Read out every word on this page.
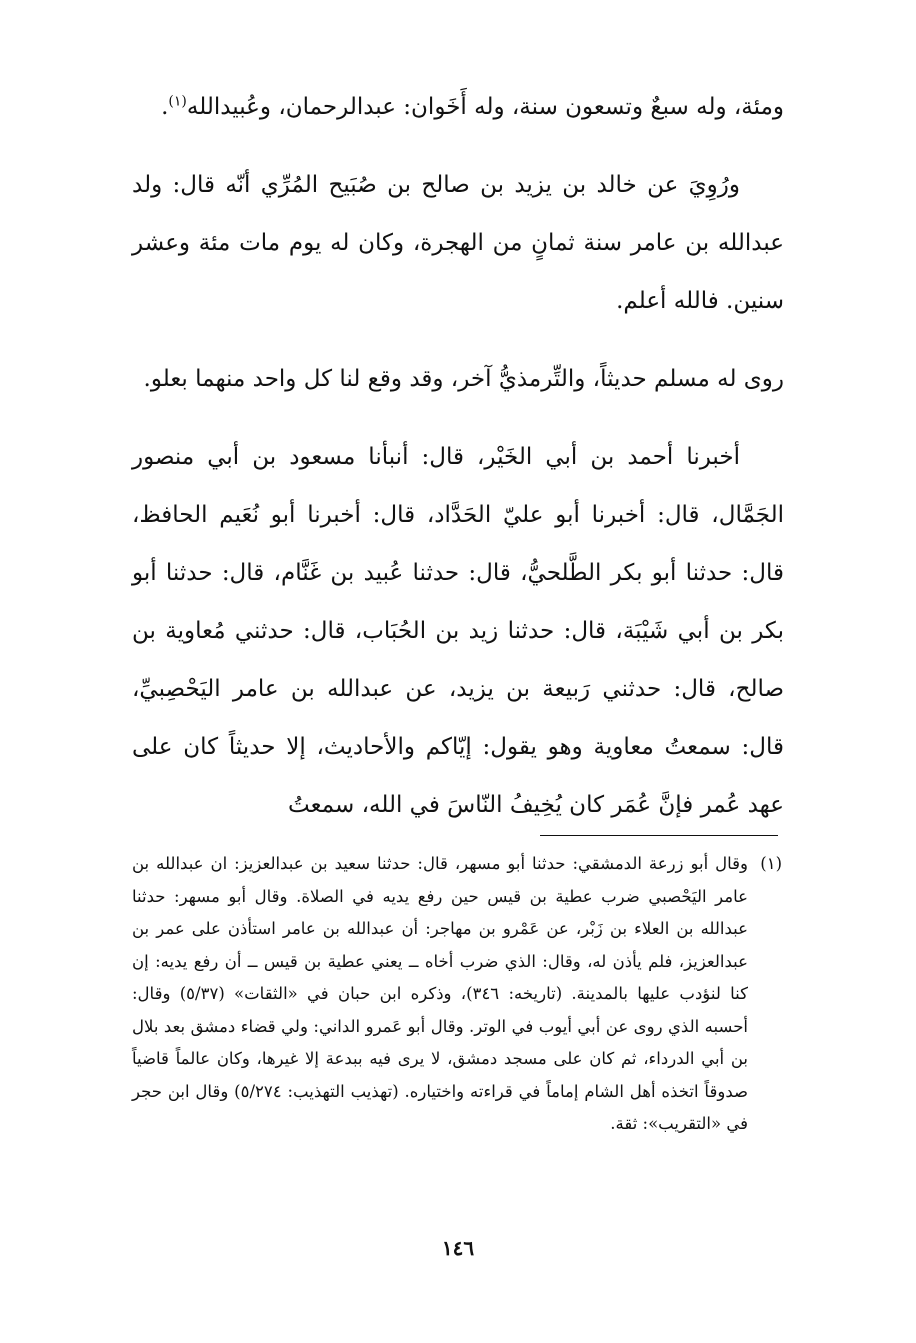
ومئة، وله سبعٌ وتسعون سنة، وله أَخَوان: عبدالرحمان، وعُبيدالله$^{(١)}$.

ورُوِيَ عن خالد بن يزيد بن صالح بن صُبَيح المُرِّي أنّه قال: ولد عبدالله بن عامر سنة ثمانٍ من الهجرة، وكان له يوم مات مئة وعشر سنين. فالله أعلم.

روى له مسلم حديثاً، والتِّرمذيُّ آخر، وقد وقع لنا كل واحد منهما بعلو.

أخبرنا أحمد بن أبي الخَيْر، قال: أنبأنا مسعود بن أبي منصور الجَمَّال، قال: أخبرنا أبو عليّ الحَدَّاد، قال: أخبرنا أبو نُعَيم الحافظ، قال: حدثنا أبو بكر الطَّلحيُّ، قال: حدثنا عُبيد بن غَنَّام، قال: حدثنا أبو بكر بن أبي شَيْبَة، قال: حدثنا زيد بن الحُبَاب، قال: حدثني مُعاوية بن صالح، قال: حدثني رَبيعة بن يزيد، عن عبدالله بن عامر اليَحْصِبيِّ، قال: سمعتُ معاوية وهو يقول: إيّاكم والأحاديث، إلا حديثاً كان على عهد عُمر فإنَّ عُمَر كان يُخِيفُ النّاسَ في الله، سمعتُ

(١)

وقال أبو زرعة الدمشقي: حدثنا أبو مسهر، قال: حدثنا سعيد بن عبدالعزيز: ان عبدالله بن عامر اليَحْصبي ضرب عطية بن قيس حين رفع يديه في الصلاة. وقال أبو مسهر: حدثنا عبدالله بن العلاء بن زَبْر، عن عَمْرو بن مهاجر: أن عبدالله بن عامر استأذن على عمر بن عبدالعزيز، فلم يأذن له، وقال: الذي ضرب أخاه ــ يعني عطية بن قيس ــ أن رفع يديه: إن كنا لنؤدب عليها بالمدينة. (تاريخه: ٣٤٦)، وذكره ابن حبان في «الثقات» (٥/٣٧) وقال: أحسبه الذي روى عن أبي أيوب في الوتر. وقال أبو عَمرو الداني: ولي قضاء دمشق بعد بلال بن أبي الدرداء، ثم كان على مسجد دمشق، لا يرى فيه ببدعة إلا غيرها، وكان عالماً قاضياً صدوقاً اتخذه أهل الشام إماماً في قراءته واختياره. (تهذيب التهذيب: ٥/٢٧٤) وقال ابن حجر في «التقريب»: ثقة.

١٤٦
